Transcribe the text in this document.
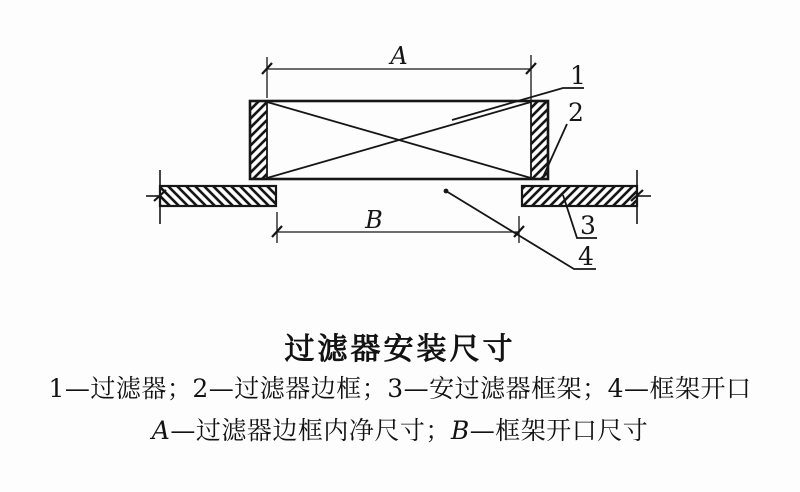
A
B
1
2
3
4
过滤器安装尺寸
1—过滤器；2—过滤器边框；3—安过滤器框架；4—框架开口
A—过滤器边框内净尺寸；B—框架开口尺寸
